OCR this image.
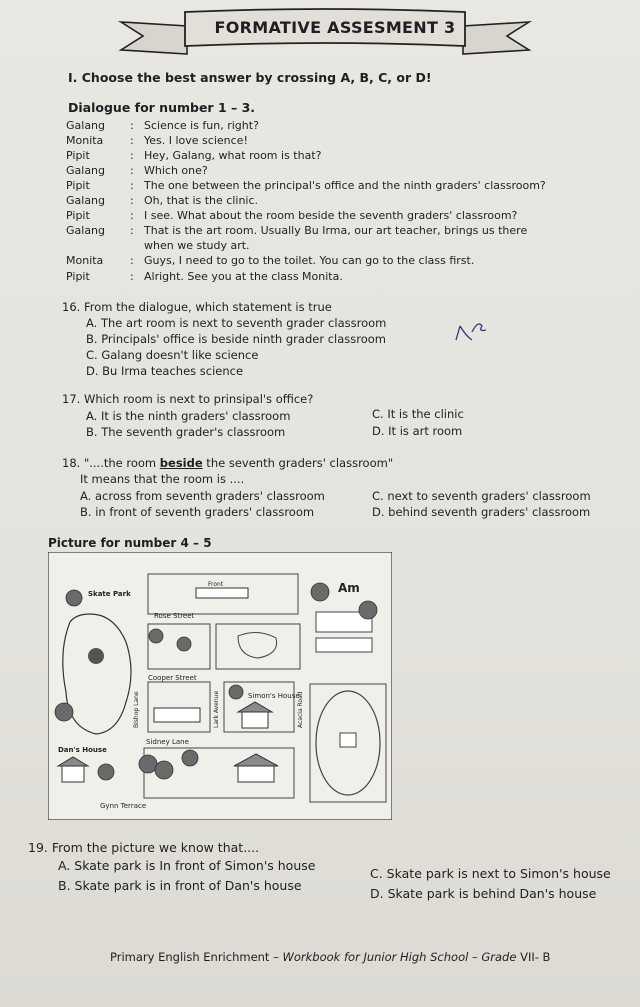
FORMATIVE ASSESMENT 3
I. Choose the best answer by crossing A, B, C, or D!
Dialogue for number 1 – 3.
Galang : Science is fun, right?
Monita : Yes. I love science!
Pipit	: Hey, Galang, what room is that?
Galang : Which one?
Pipit	: The one between the principal's office and the ninth graders' classroom?
Galang : Oh, that is the clinic.
Pipit	: I see. What about the room beside the seventh graders' classroom?
Galang : That is the art room. Usually Bu Irma, our art teacher, brings us there
when we study art.
Monita : Guys, I need to go to the toilet. You can go to the class first.
Pipit	: Alright. See you at the class Monita.
16. From the dialogue, which statement is true
A. The art room is next to seventh grader classroom
B. Principals' office is beside ninth grader classroom
C. Galang doesn't like science
D. Bu Irma teaches science
17. Which room is next to prinsipal's office?
A. It is the ninth graders' classroom
B. The seventh grader's classroom
C. It is the clinic
D. It is art room
18. "....the room beside the seventh graders' classroom"
It means that the room is ....
A. across from seventh graders' classroom
B. in front of seventh graders' classroom
C. next to seventh graders' classroom
D. behind seventh graders' classroom
Picture for number 4 – 5
Skate Park
Rose Street
Cooper Street
Sidney Lane
Gynn Terrace
Simon's House
Dan's House
Front	Am
Bishop Lane	Lark Avenue	Acacia Road
19. From the picture we know that....
A. Skate park is In front of Simon's house
B. Skate park is in front of Dan's house
C. Skate park is next to Simon's house
D. Skate park is behind Dan's house
Primary English Enrichment – Workbook for Junior High School – Grade VII- B
